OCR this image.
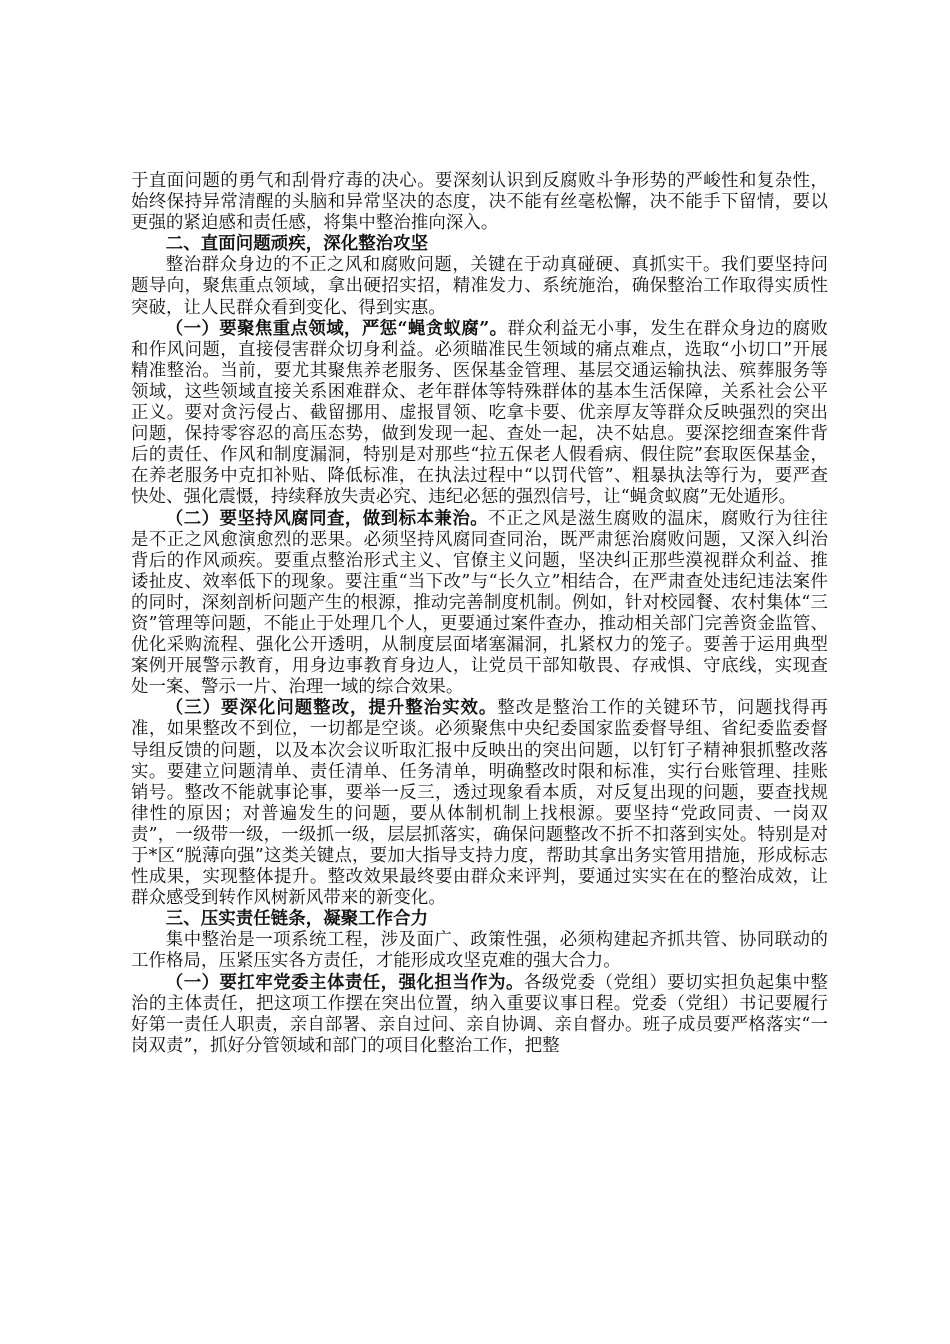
于直面问题的勇气和刮骨疗毒的决心。要深刻认识到反腐败斗争形势的严峻性和复杂性，始终保持异常清醒的头脑和异常坚决的态度，决不能有丝毫松懈，决不能手下留情，要以更强的紧迫感和责任感，将集中整治推向深入。

二、直面问题顽疾，深化整治攻坚

整治群众身边的不正之风和腐败问题，关键在于动真碰硬、真抓实干。我们要坚持问题导向，聚焦重点领域，拿出硬招实招，精准发力、系统施治，确保整治工作取得实质性突破，让人民群众看到变化、得到实惠。

（一）要聚焦重点领域，严惩“蝇贪蚁腐”。群众利益无小事，发生在群众身边的腐败和作风问题，直接侵害群众切身利益。必须瞄准民生领域的痛点难点，选取“小切口”开展精准整治。当前，要尤其聚焦养老服务、医保基金管理、基层交通运输执法、殡葬服务等领域，这些领域直接关系困难群众、老年群体等特殊群体的基本生活保障，关系社会公平正义。要对贪污侵占、截留挪用、虚报冒领、吃拿卡要、优亲厚友等群众反映强烈的突出问题，保持零容忍的高压态势，做到发现一起、查处一起，决不姑息。要深挖细查案件背后的责任、作风和制度漏洞，特别是对那些“拉五保老人假看病、假住院”套取医保基金，在养老服务中克扣补贴、降低标准，在执法过程中“以罚代管”、粗暴执法等行为，要严查快处、强化震慑，持续释放失责必究、违纪必惩的强烈信号，让“蝇贪蚁腐”无处遁形。

（二）要坚持风腐同查，做到标本兼治。不正之风是滋生腐败的温床，腐败行为往往是不正之风愈演愈烈的恶果。必须坚持风腐同查同治，既严肃惩治腐败问题，又深入纠治背后的作风顽疾。要重点整治形式主义、官僚主义问题，坚决纠正那些漠视群众利益、推诿扯皮、效率低下的现象。要注重“当下改”与“长久立”相结合，在严肃查处违纪违法案件的同时，深刻剖析问题产生的根源，推动完善制度机制。例如，针对校园餐、农村集体“三资”管理等问题，不能止于处理几个人，更要通过案件查办，推动相关部门完善资金监管、优化采购流程、强化公开透明，从制度层面堵塞漏洞，扎紧权力的笼子。要善于运用典型案例开展警示教育，用身边事教育身边人，让党员干部知敬畏、存戒惧、守底线，实现查处一案、警示一片、治理一域的综合效果。

（三）要深化问题整改，提升整治实效。整改是整治工作的关键环节，问题找得再准，如果整改不到位，一切都是空谈。必须聚焦中央纪委国家监委督导组、省纪委监委督导组反馈的问题，以及本次会议听取汇报中反映出的突出问题，以钉钉子精神狠抓整改落实。要建立问题清单、责任清单、任务清单，明确整改时限和标准，实行台账管理、挂账销号。整改不能就事论事，要举一反三，透过现象看本质，对反复出现的问题，要查找规律性的原因；对普遍发生的问题，要从体制机制上找根源。要坚持“党政同责、一岗双责”，一级带一级，一级抓一级，层层抓落实，确保问题整改不折不扣落到实处。特别是对于*区“脱薄向强”这类关键点，要加大指导支持力度，帮助其拿出务实管用措施，形成标志性成果，实现整体提升。整改效果最终要由群众来评判，要通过实实在在的整治成效，让群众感受到转作风树新风带来的新变化。

三、压实责任链条，凝聚工作合力

集中整治是一项系统工程，涉及面广、政策性强，必须构建起齐抓共管、协同联动的工作格局，压紧压实各方责任，才能形成攻坚克难的强大合力。

（一）要扛牢党委主体责任，强化担当作为。各级党委（党组）要切实担负起集中整治的主体责任，把这项工作摆在突出位置，纳入重要议事日程。党委（党组）书记要履行好第一责任人职责，亲自部署、亲自过问、亲自协调、亲自督办。班子成员要严格落实“一岗双责”，抓好分管领域和部门的项目化整治工作，把整
